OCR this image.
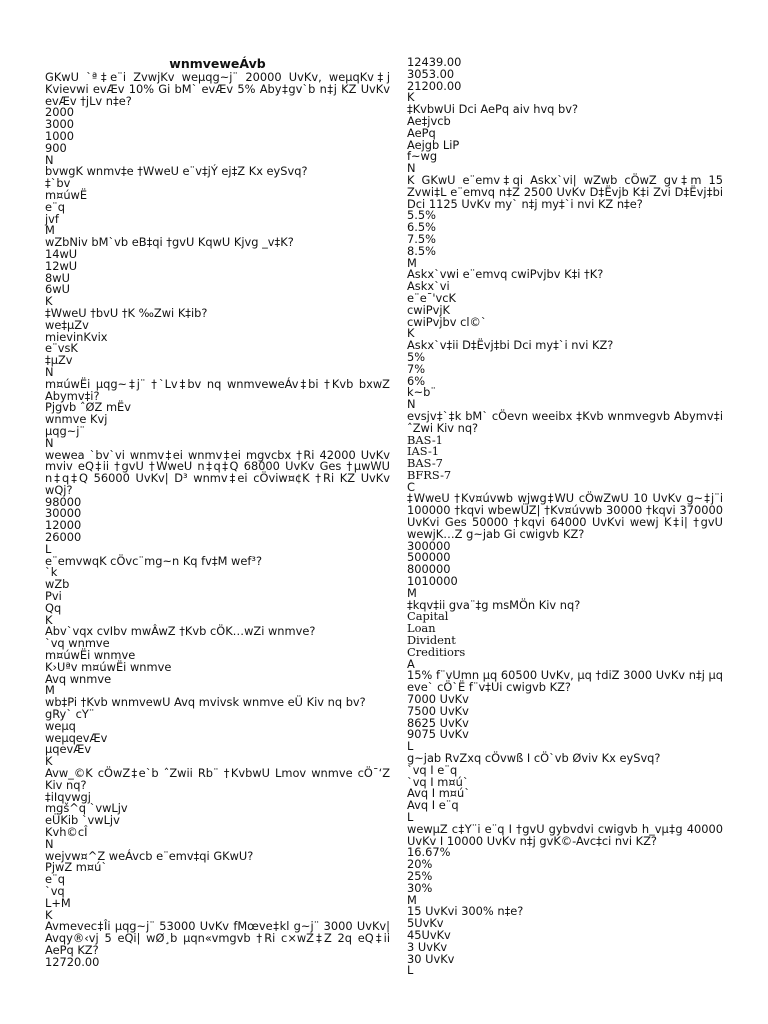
wnmveweÁvb
GKwU `ª‡e¨i ZvwjKv weµqg~j¨ 20000 UvKv, weµqKv‡j Kvievwi evÆv 10% Gi bM` evÆv 5% Aby‡gv`b n‡j KZ UvKv evÆv †jLv n‡e?
2000
3000
1000
900
N
bvwgK wnmv‡e †WweU e¨v‡jÝ ej‡Z Kx eySvq?
‡`bv
m¤úwË
e¨q
jvf
M
wZbNiv bM`vb eB‡qi †gvU KqwU Kjvg _v‡K?
14wU
12wU
8wU
6wU
K
‡WweU †bvU †K ‰Zwi K‡ib?
we‡µZv
mievinKvix
e¨vsK
‡µZv
N
m¤úwËi µqg~‡j¨ †`Lv‡bv nq wnmveweÁv‡bi †Kvb bxwZ Abymv‡i?
Pjgvb ˆØZ mËv
wnmve Kvj
µqg~j¨
N
wewea `bv`vi wnmv‡ei wnmv‡ei mgvcbx †Ri 42000 UvKv mviv eQ‡ii †gvU †WweU n‡q‡Q 68000 UvKv Ges †µwWU n‡q‡Q 56000 UvKv| D³ wnmv‡ei cÖviw¤¢K †Ri KZ UvKv wQj?
98000
30000
12000
26000
L
e¨emvwqK cÖvc¨mg~n Kq fv‡M wef³?
`k
wZb
Pvi
Qq
K
Abv`vqx cvIbv mwÂwZ †Kvb cÖK…wZi wnmve?
`vq wnmve
m¤úwËi wnmve
K›Uªv m¤úwËi wnmve
Avq wnmve
M
wb‡Pi †Kvb wnmvewU Avq mvivsk wnmve eÜ Kiv nq bv?
gRy` cY¨
weµq
weµqevÆv
µqevÆv
K
Avw_©K cÖwZ‡e`b ˆZwii Rb¨ †KvbwU Lmov wnmve cÖ¯‘Z Kiv nq?
‡iIqvwgj
mgš^q `vwLjv
eÜKib `vwLjv
Kvh©cÎ
N
wejvw¤^Z weÁvcb e¨emv‡qi GKwU?
PjwZ m¤ú`
e¨q
`vq
L+M
K
Avmevec‡Îi µqg~j¨ 53000 UvKv fMœve‡kl g~j¨ 3000 UvKv| Avqy®‹vj 5 eQi| wØ¸b µqn«vmgvb †Ri c×wZ‡Z 2q eQ‡ii AePq KZ?
12720.00
12439.00
3053.00
21200.00
K
‡KvbwUi Dci AePq aiv hvq bv?
Ae‡jvcb
AePq
Aejgb LiP
f~wg
N
K GKwU e¨emv‡qi Askx`vi| wZwb cÖwZ gv‡m 15 Zvwi‡L e¨emvq n‡Z 2500 UvKv D‡Ëvjb K‡i Zvi D‡Ëvj‡bi Dci 1125 UvKv my` n‡j my‡`i nvi KZ n‡e?
5.5%
6.5%
7.5%
8.5%
M
Askx`vwi e¨emvq cwiPvjbv K‡i †K?
Askx`vi
e¨e¯'vcK
cwiPvjK
cwiPvjbv cl©`
K
Askx`v‡ii D‡Ëvj‡bi Dci my‡`i nvi KZ?
5%
7%
6%
k~b¨
N
evsjv‡`‡k bM` cÖevn weeibx ‡Kvb wnmvegvb Abymv‡i ˆZwi Kiv nq?
BAS-1
IAS-1
BAS-7
BFRS-7
C
‡WweU †Kv¤úvwb wjwg‡WU cÖwZwU 10 UvKv g~‡j¨i 100000 †kqvi wbewÜZ| †Kv¤úvwb 30000 †kqvi 370000 UvKvi Ges 50000 †kqvi 64000 UvKvi wewj K‡i| †gvU wewjK…Z g~jab Gi cwigvb KZ?
300000
500000
800000
1010000
M
‡kqv‡ii gva¨‡g msMÖn Kiv nq?
Capital
Loan
Divident
Creditiors
A
15% f¨vUmn µq 60500 UvKv, µq †diZ 3000 UvKv n‡j µq eve` cÖ`Ë f¨v‡Ui cwigvb KZ?
7000 UvKv
7500 UvKv
8625 UvKv
9075 UvKv
L
g~jab RvZxq cÖvwß I cÖ`vb Øviv Kx eySvq?
`vq I e¨q
`vq I m¤ú`
Avq I m¤ú`
Avq I e¨q
L
wewµZ c‡Y¨i e¨q I †gvU gybvdvi cwigvb h_vµ‡g 40000 UvKv I 10000 UvKv n‡j gvK©-Avc‡ci nvi KZ?
16.67%
20%
25%
30%
M
15 UvKvi 300% n‡e?
5UvKv
45UvKv
3 UvKv
30 UvKv
L
